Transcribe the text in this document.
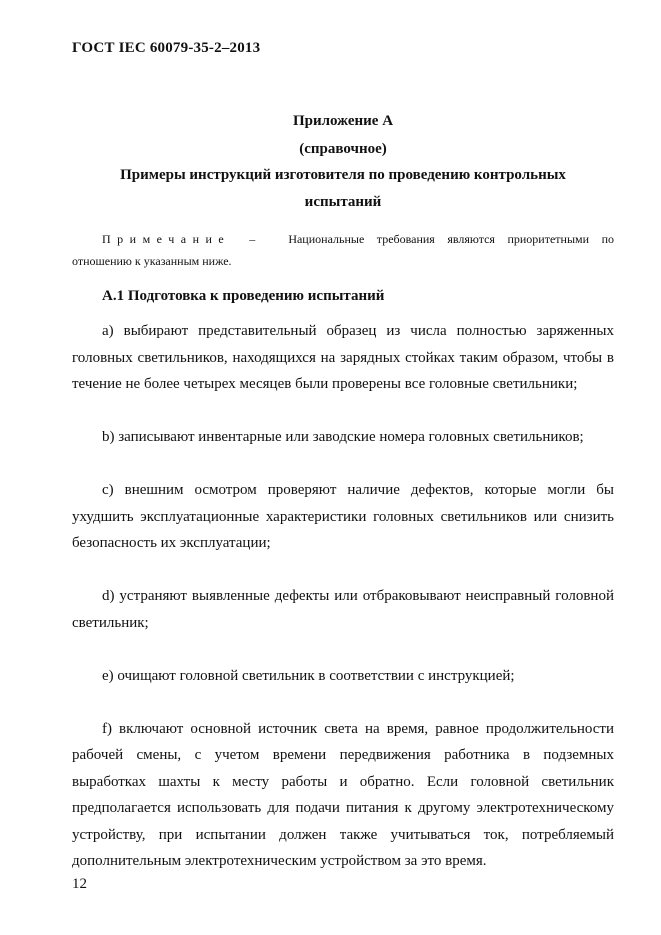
ГОСТ IEC 60079-35-2–2013
Приложение А
(справочное)
Примеры инструкций изготовителя по проведению контрольных
испытаний
Примечание – Национальные требования являются приоритетными по отношению к указанным ниже.
А.1 Подготовка к проведению испытаний

a) выбирают представительный образец из числа полностью заряженных головных светильников, находящихся на зарядных стойках таким образом, чтобы в течение не более четырех месяцев были проверены все головные светильники;

b) записывают инвентарные или заводские номера головных светильников;

c) внешним осмотром проверяют наличие дефектов, которые могли бы ухудшить эксплуатационные характеристики головных светильников или снизить безопасность их эксплуатации;

d) устраняют выявленные дефекты или отбраковывают неисправный головной светильник;

e) очищают головной светильник в соответствии с инструкцией;

f) включают основной источник света на время, равное продолжительности рабочей смены, с учетом времени передвижения работника в подземных выработках шахты к месту работы и обратно. Если головной светильник предполагается использовать для подачи питания к другому электротехническому устройству, при испытании должен также учитываться ток, потребляемый дополнительным электротехническим устройством за это время.

12
